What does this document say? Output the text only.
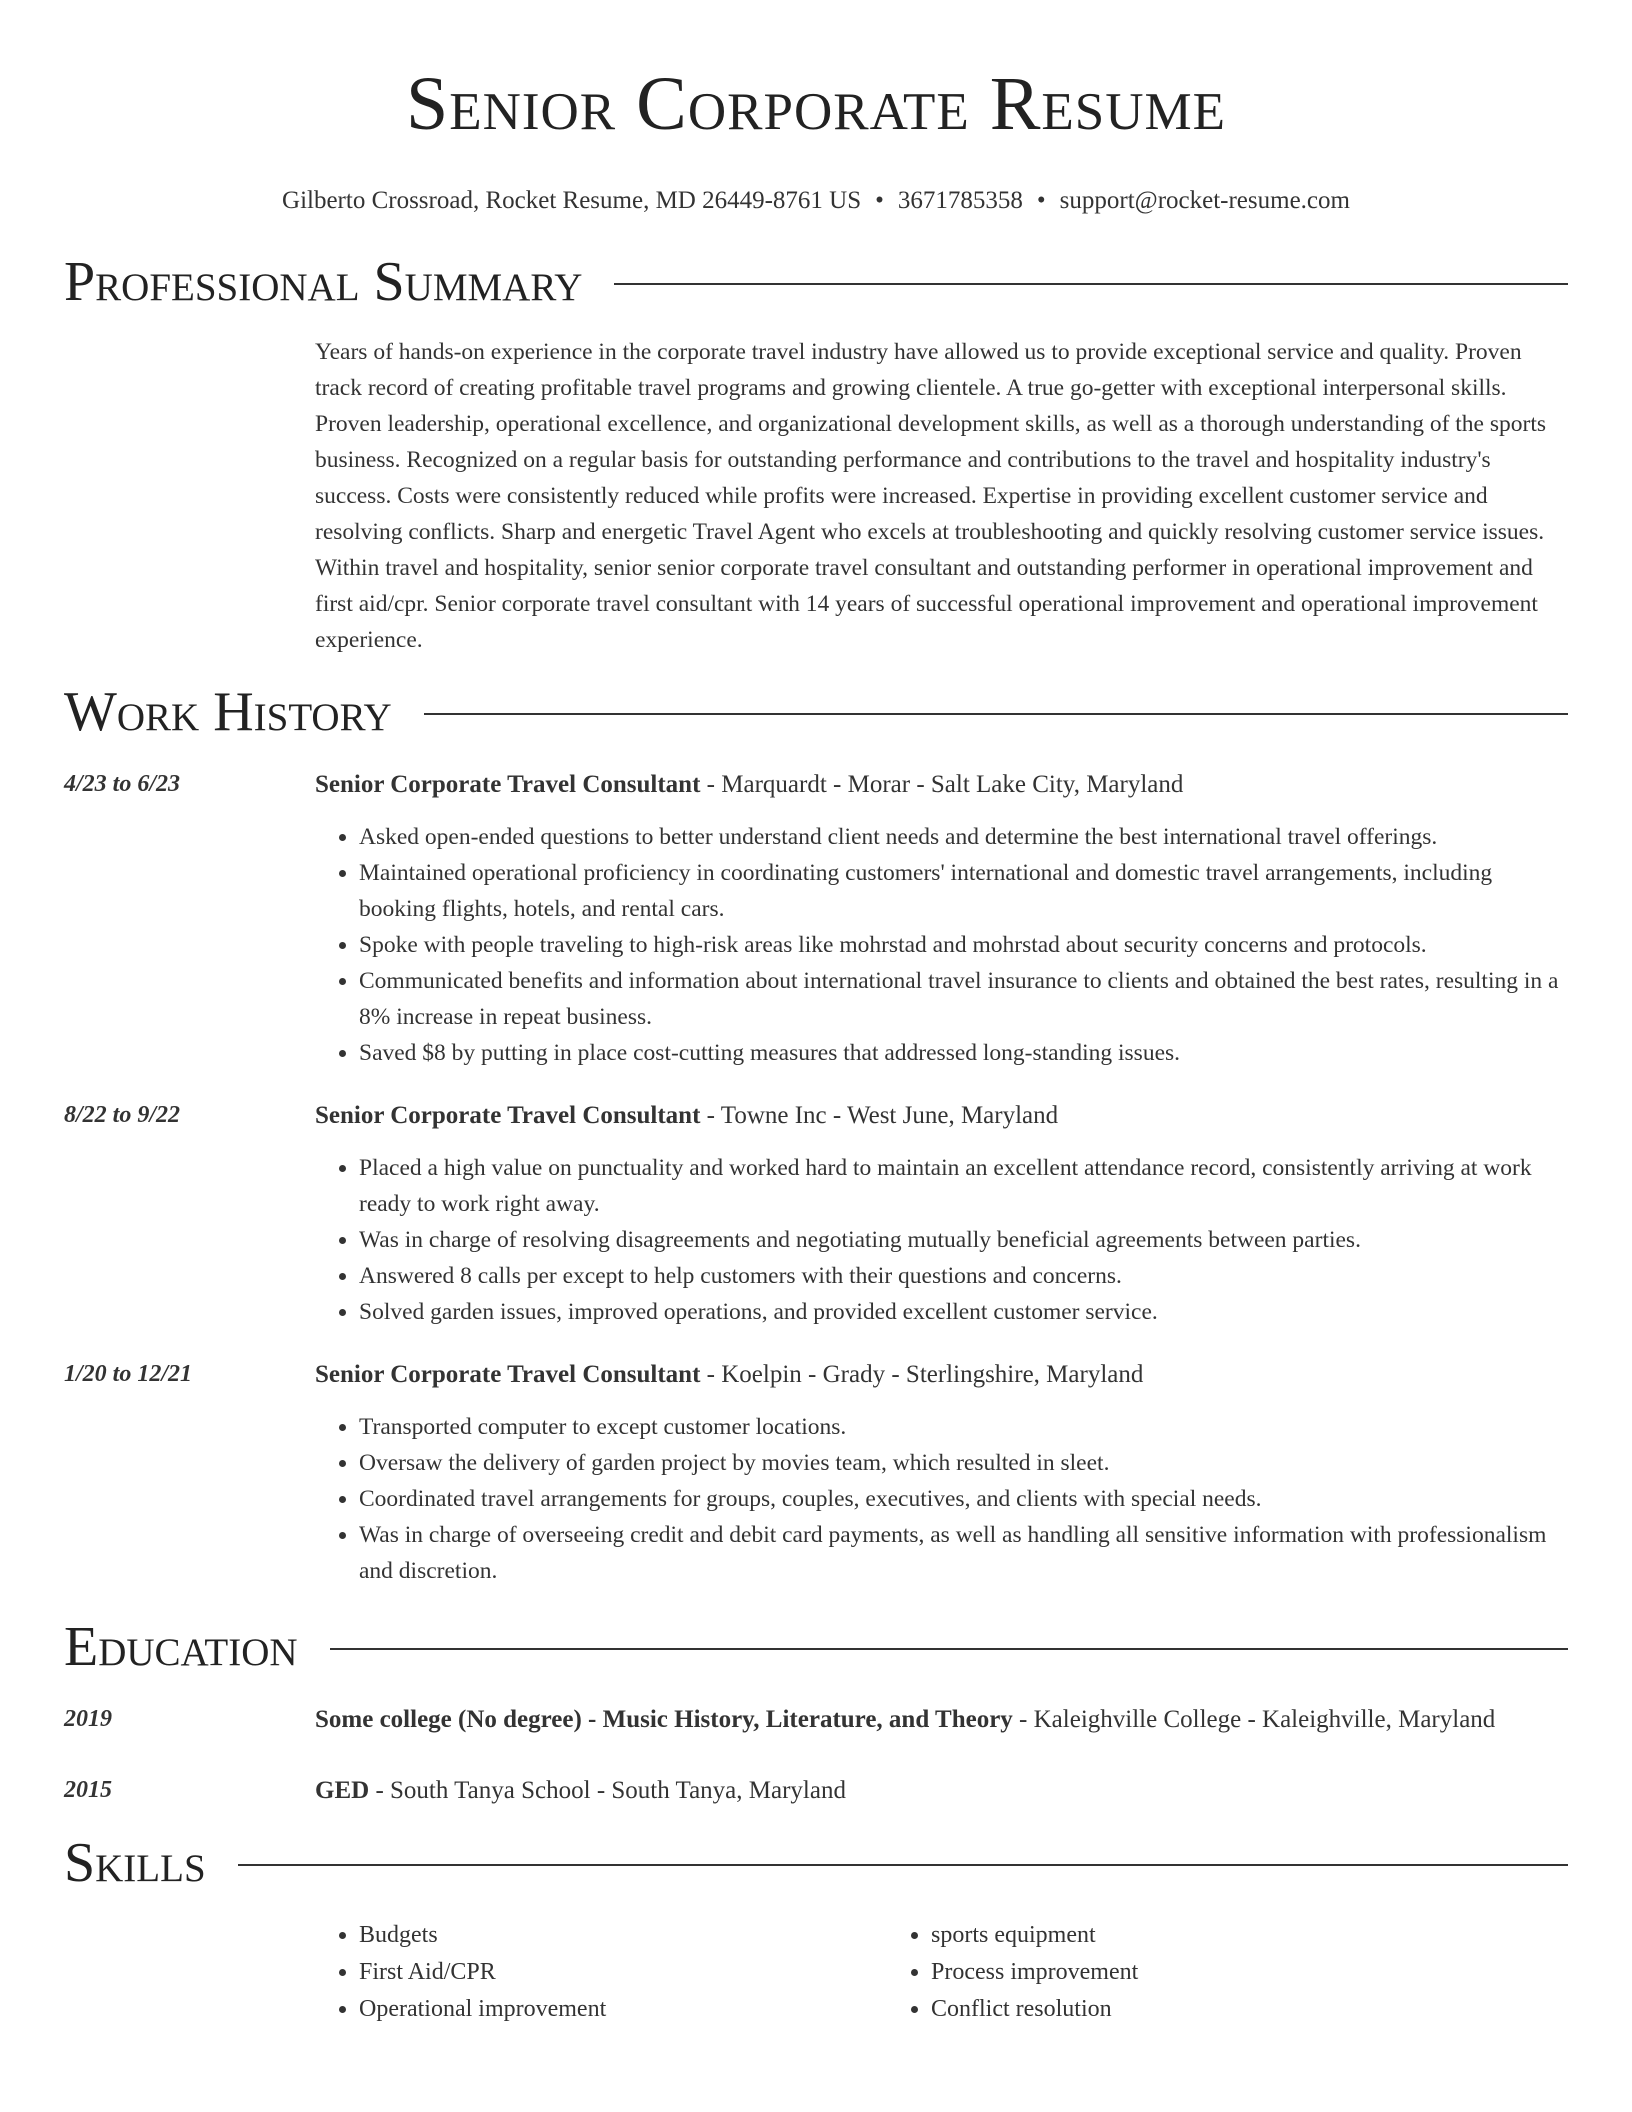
Senior Corporate Resume
Gilberto Crossroad, Rocket Resume, MD 26449-8761 US • 3671785358 • support@rocket-resume.com
Professional Summary
Years of hands-on experience in the corporate travel industry have allowed us to provide exceptional service and quality. Proven track record of creating profitable travel programs and growing clientele. A true go-getter with exceptional interpersonal skills. Proven leadership, operational excellence, and organizational development skills, as well as a thorough understanding of the sports business. Recognized on a regular basis for outstanding performance and contributions to the travel and hospitality industry's success. Costs were consistently reduced while profits were increased. Expertise in providing excellent customer service and resolving conflicts. Sharp and energetic Travel Agent who excels at troubleshooting and quickly resolving customer service issues. Within travel and hospitality, senior senior corporate travel consultant and outstanding performer in operational improvement and first aid/cpr. Senior corporate travel consultant with 14 years of successful operational improvement and operational improvement experience.
Work History
4/23 to 6/23	Senior Corporate Travel Consultant - Marquardt - Morar - Salt Lake City, Maryland
• Asked open-ended questions to better understand client needs and determine the best international travel offerings.
• Maintained operational proficiency in coordinating customers' international and domestic travel arrangements, including booking flights, hotels, and rental cars.
• Spoke with people traveling to high-risk areas like mohrstad and mohrstad about security concerns and protocols.
• Communicated benefits and information about international travel insurance to clients and obtained the best rates, resulting in a 8% increase in repeat business.
• Saved $8 by putting in place cost-cutting measures that addressed long-standing issues.
8/22 to 9/22	Senior Corporate Travel Consultant - Towne Inc - West June, Maryland
• Placed a high value on punctuality and worked hard to maintain an excellent attendance record, consistently arriving at work ready to work right away.
• Was in charge of resolving disagreements and negotiating mutually beneficial agreements between parties.
• Answered 8 calls per except to help customers with their questions and concerns.
• Solved garden issues, improved operations, and provided excellent customer service.
1/20 to 12/21	Senior Corporate Travel Consultant - Koelpin - Grady - Sterlingshire, Maryland
• Transported computer to except customer locations.
• Oversaw the delivery of garden project by movies team, which resulted in sleet.
• Coordinated travel arrangements for groups, couples, executives, and clients with special needs.
• Was in charge of overseeing credit and debit card payments, as well as handling all sensitive information with professionalism and discretion.
Education
2019	Some college (No degree) - Music History, Literature, and Theory - Kaleighville College - Kaleighville, Maryland
2015	GED - South Tanya School - South Tanya, Maryland
Skills
• Budgets
• First Aid/CPR
• Operational improvement
• sports equipment
• Process improvement
• Conflict resolution
